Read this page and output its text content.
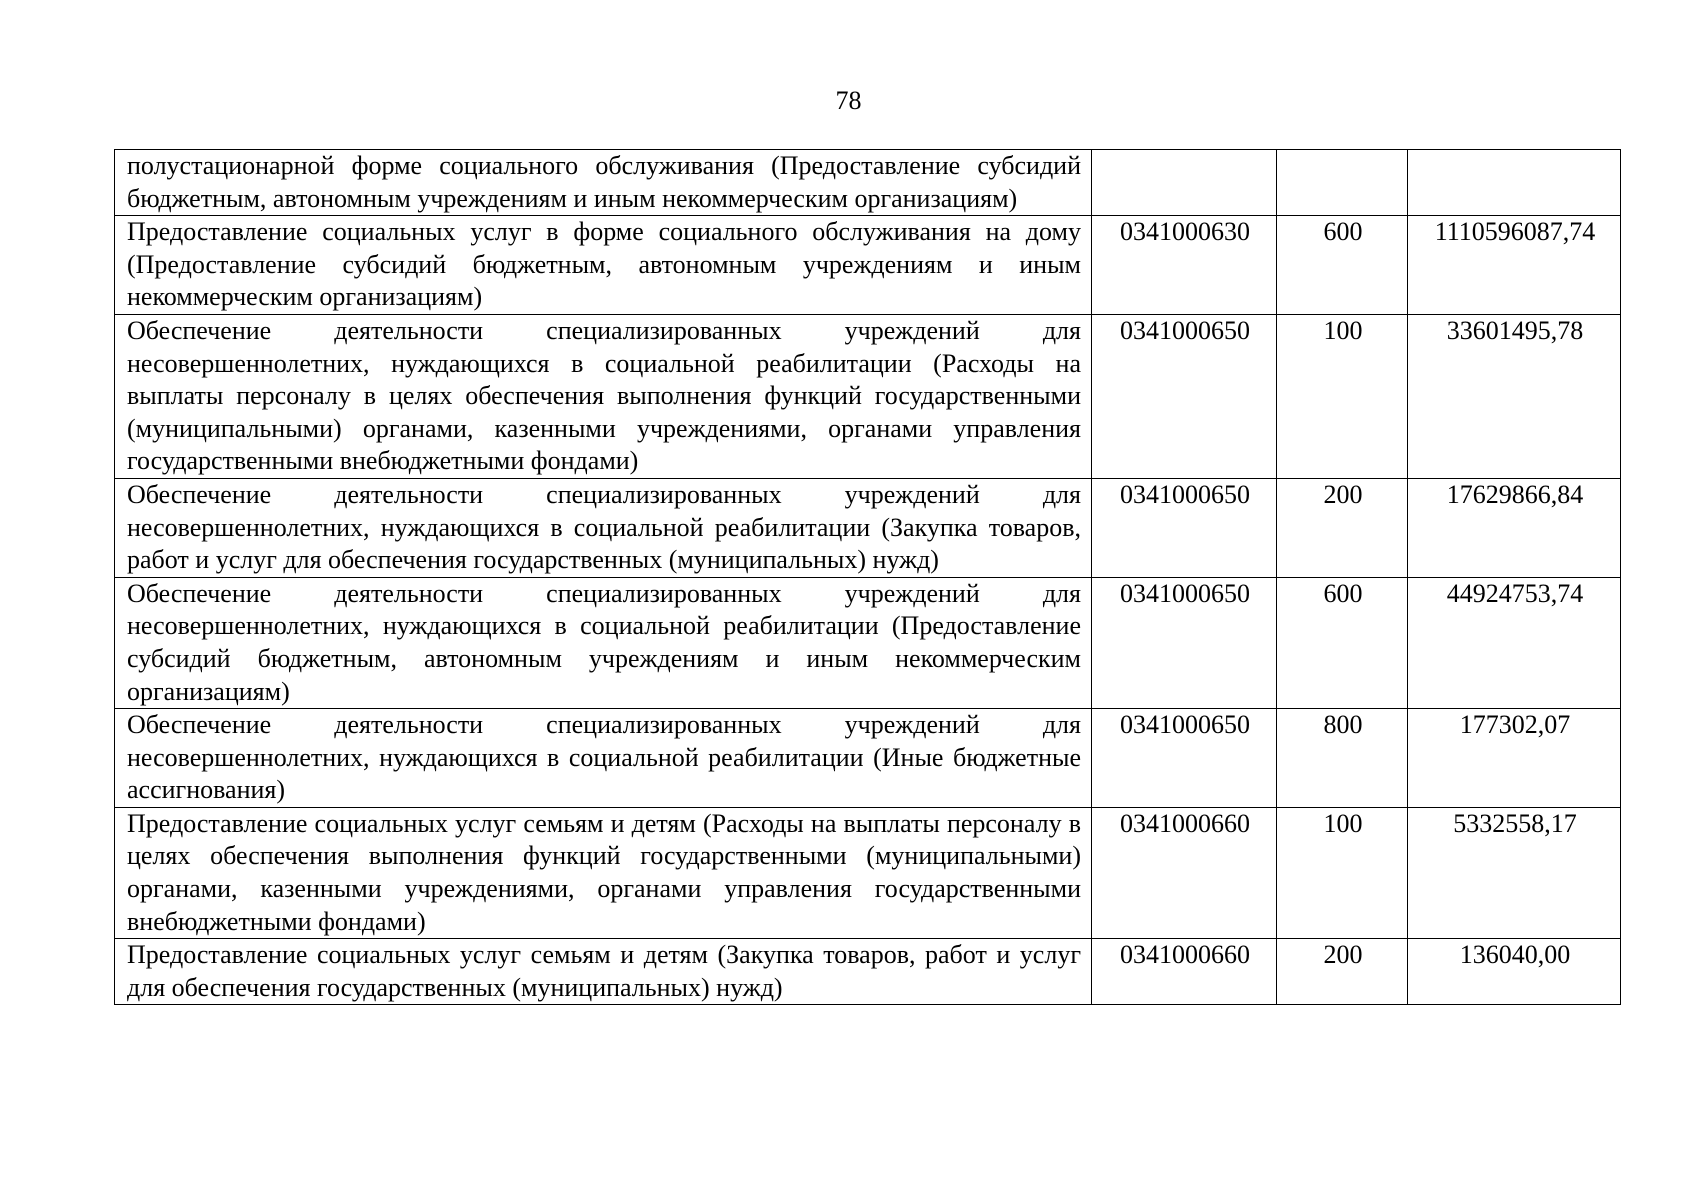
78
полустационарной форме социального обслуживания (Предоставление субсидий бюджетным, автономным учреждениям и иным некоммерческим организациям)			
Предоставление социальных услуг в форме социального обслуживания на дому (Предоставление субсидий бюджетным, автономным учреждениям и иным некоммерческим организациям)	0341000630	600	1110596087,74
Обеспечение деятельности специализированных учреждений для несовершеннолетних, нуждающихся в социальной реабилитации (Расходы на выплаты персоналу в целях обеспечения выполнения функций государственными (муниципальными) органами, казенными учреждениями, органами управления государственными внебюджетными фондами)	0341000650	100	33601495,78
Обеспечение деятельности специализированных учреждений для несовершеннолетних, нуждающихся в социальной реабилитации (Закупка товаров, работ и услуг для обеспечения государственных (муниципальных) нужд)	0341000650	200	17629866,84
Обеспечение деятельности специализированных учреждений для несовершеннолетних, нуждающихся в социальной реабилитации (Предоставление субсидий бюджетным, автономным учреждениям и иным некоммерческим организациям)	0341000650	600	44924753,74
Обеспечение деятельности специализированных учреждений для несовершеннолетних, нуждающихся в социальной реабилитации (Иные бюджетные ассигнования)	0341000650	800	177302,07
Предоставление социальных услуг семьям и детям (Расходы на выплаты персоналу в целях обеспечения выполнения функций государственными (муниципальными) органами, казенными учреждениями, органами управления государственными внебюджетными фондами)	0341000660	100	5332558,17
Предоставление социальных услуг семьям и детям (Закупка товаров, работ и услуг для обеспечения государственных (муниципальных) нужд)	0341000660	200	136040,00
